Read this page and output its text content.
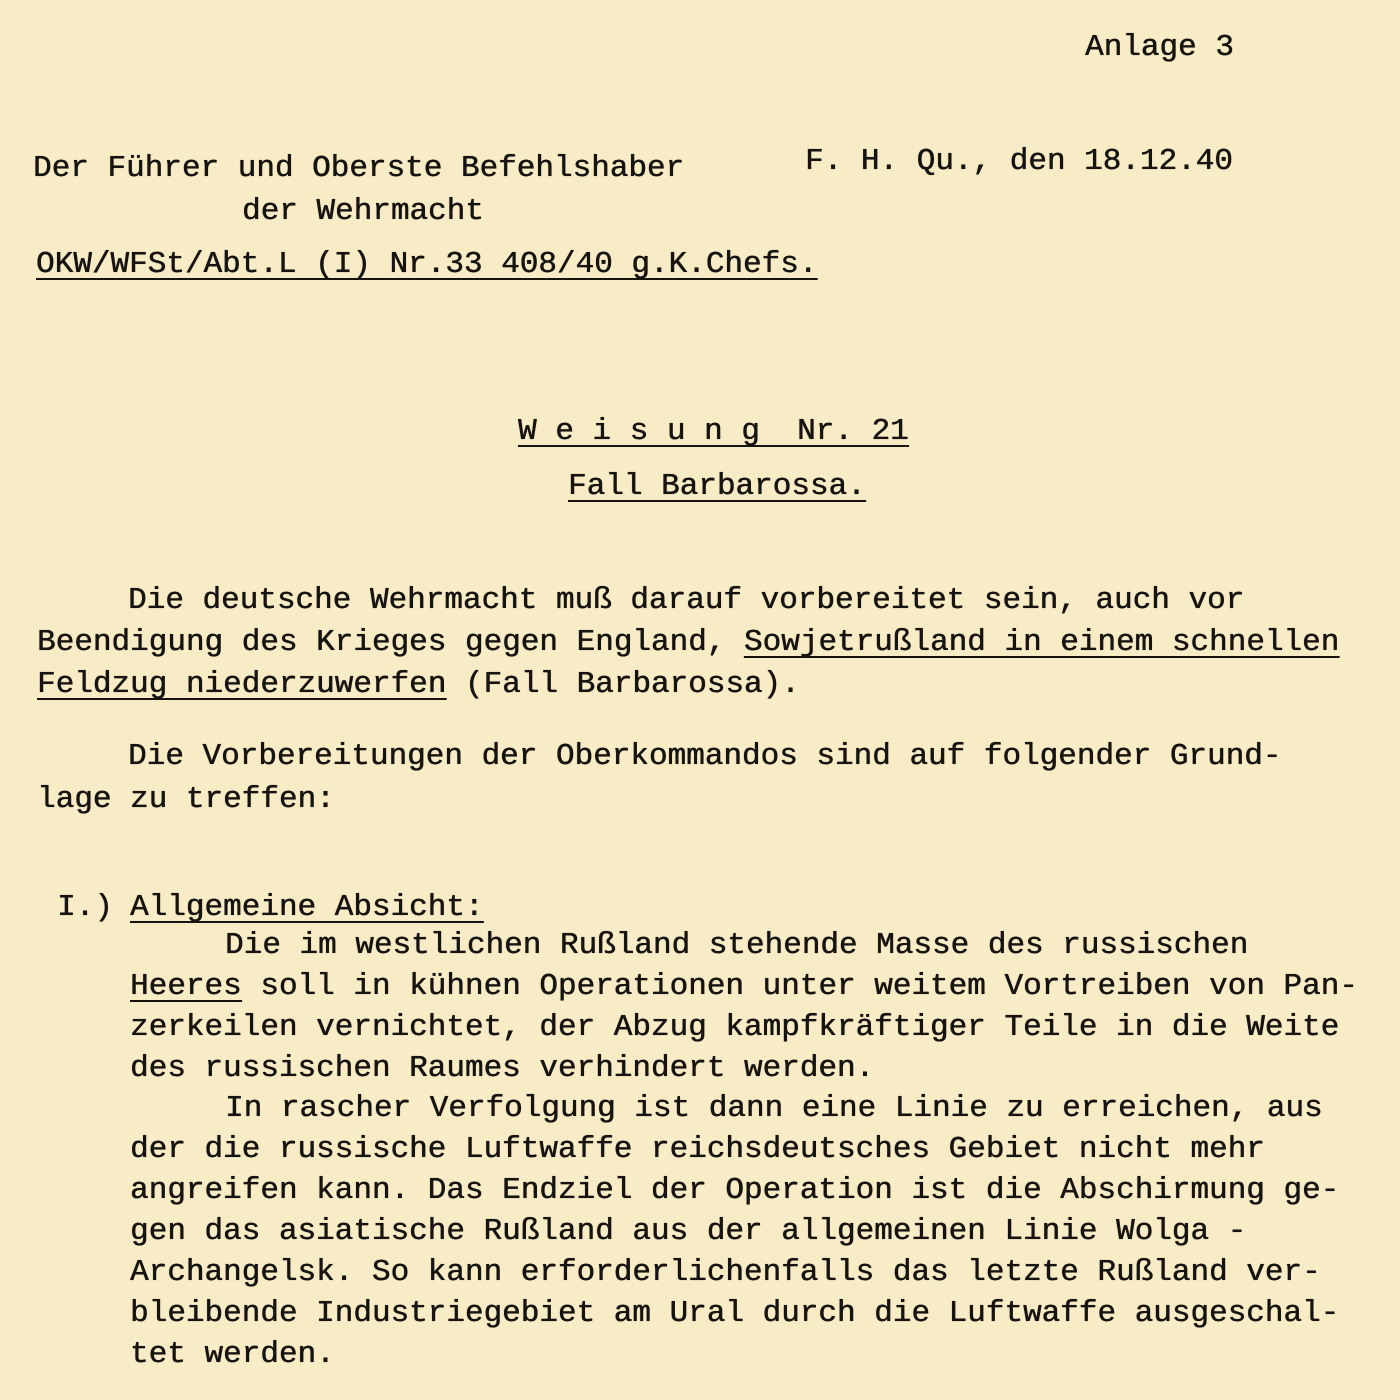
Anlage 3
Der Führer und Oberste Befehlshaber	F. H. Qu., den 18.12.40
der Wehrmacht
OKW/WFSt/Abt.L (I) Nr.33 408/40 g.K.Chefs.
W e i s u n g  Nr. 21
Fall Barbarossa.
Die deutsche Wehrmacht muß darauf vorbereitet sein, auch vor
Beendigung des Krieges gegen England, Sowjetrußland in einem schnellen
Feldzug niederzuwerfen (Fall Barbarossa).
Die Vorbereitungen der Oberkommandos sind auf folgender Grund-
lage zu treffen:
I.) Allgemeine Absicht:
Die im westlichen Rußland stehende Masse des russischen
Heeres soll in kühnen Operationen unter weitem Vortreiben von Pan-
zerkeilen vernichtet, der Abzug kampfkräftiger Teile in die Weite
des russischen Raumes verhindert werden.
In rascher Verfolgung ist dann eine Linie zu erreichen, aus
der die russische Luftwaffe reichsdeutsches Gebiet nicht mehr
angreifen kann. Das Endziel der Operation ist die Abschirmung ge-
gen das asiatische Rußland aus der allgemeinen Linie Wolga -
Archangelsk. So kann erforderlichenfalls das letzte Rußland ver-
bleibende Industriegebiet am Ural durch die Luftwaffe ausgeschal-
tet werden.
